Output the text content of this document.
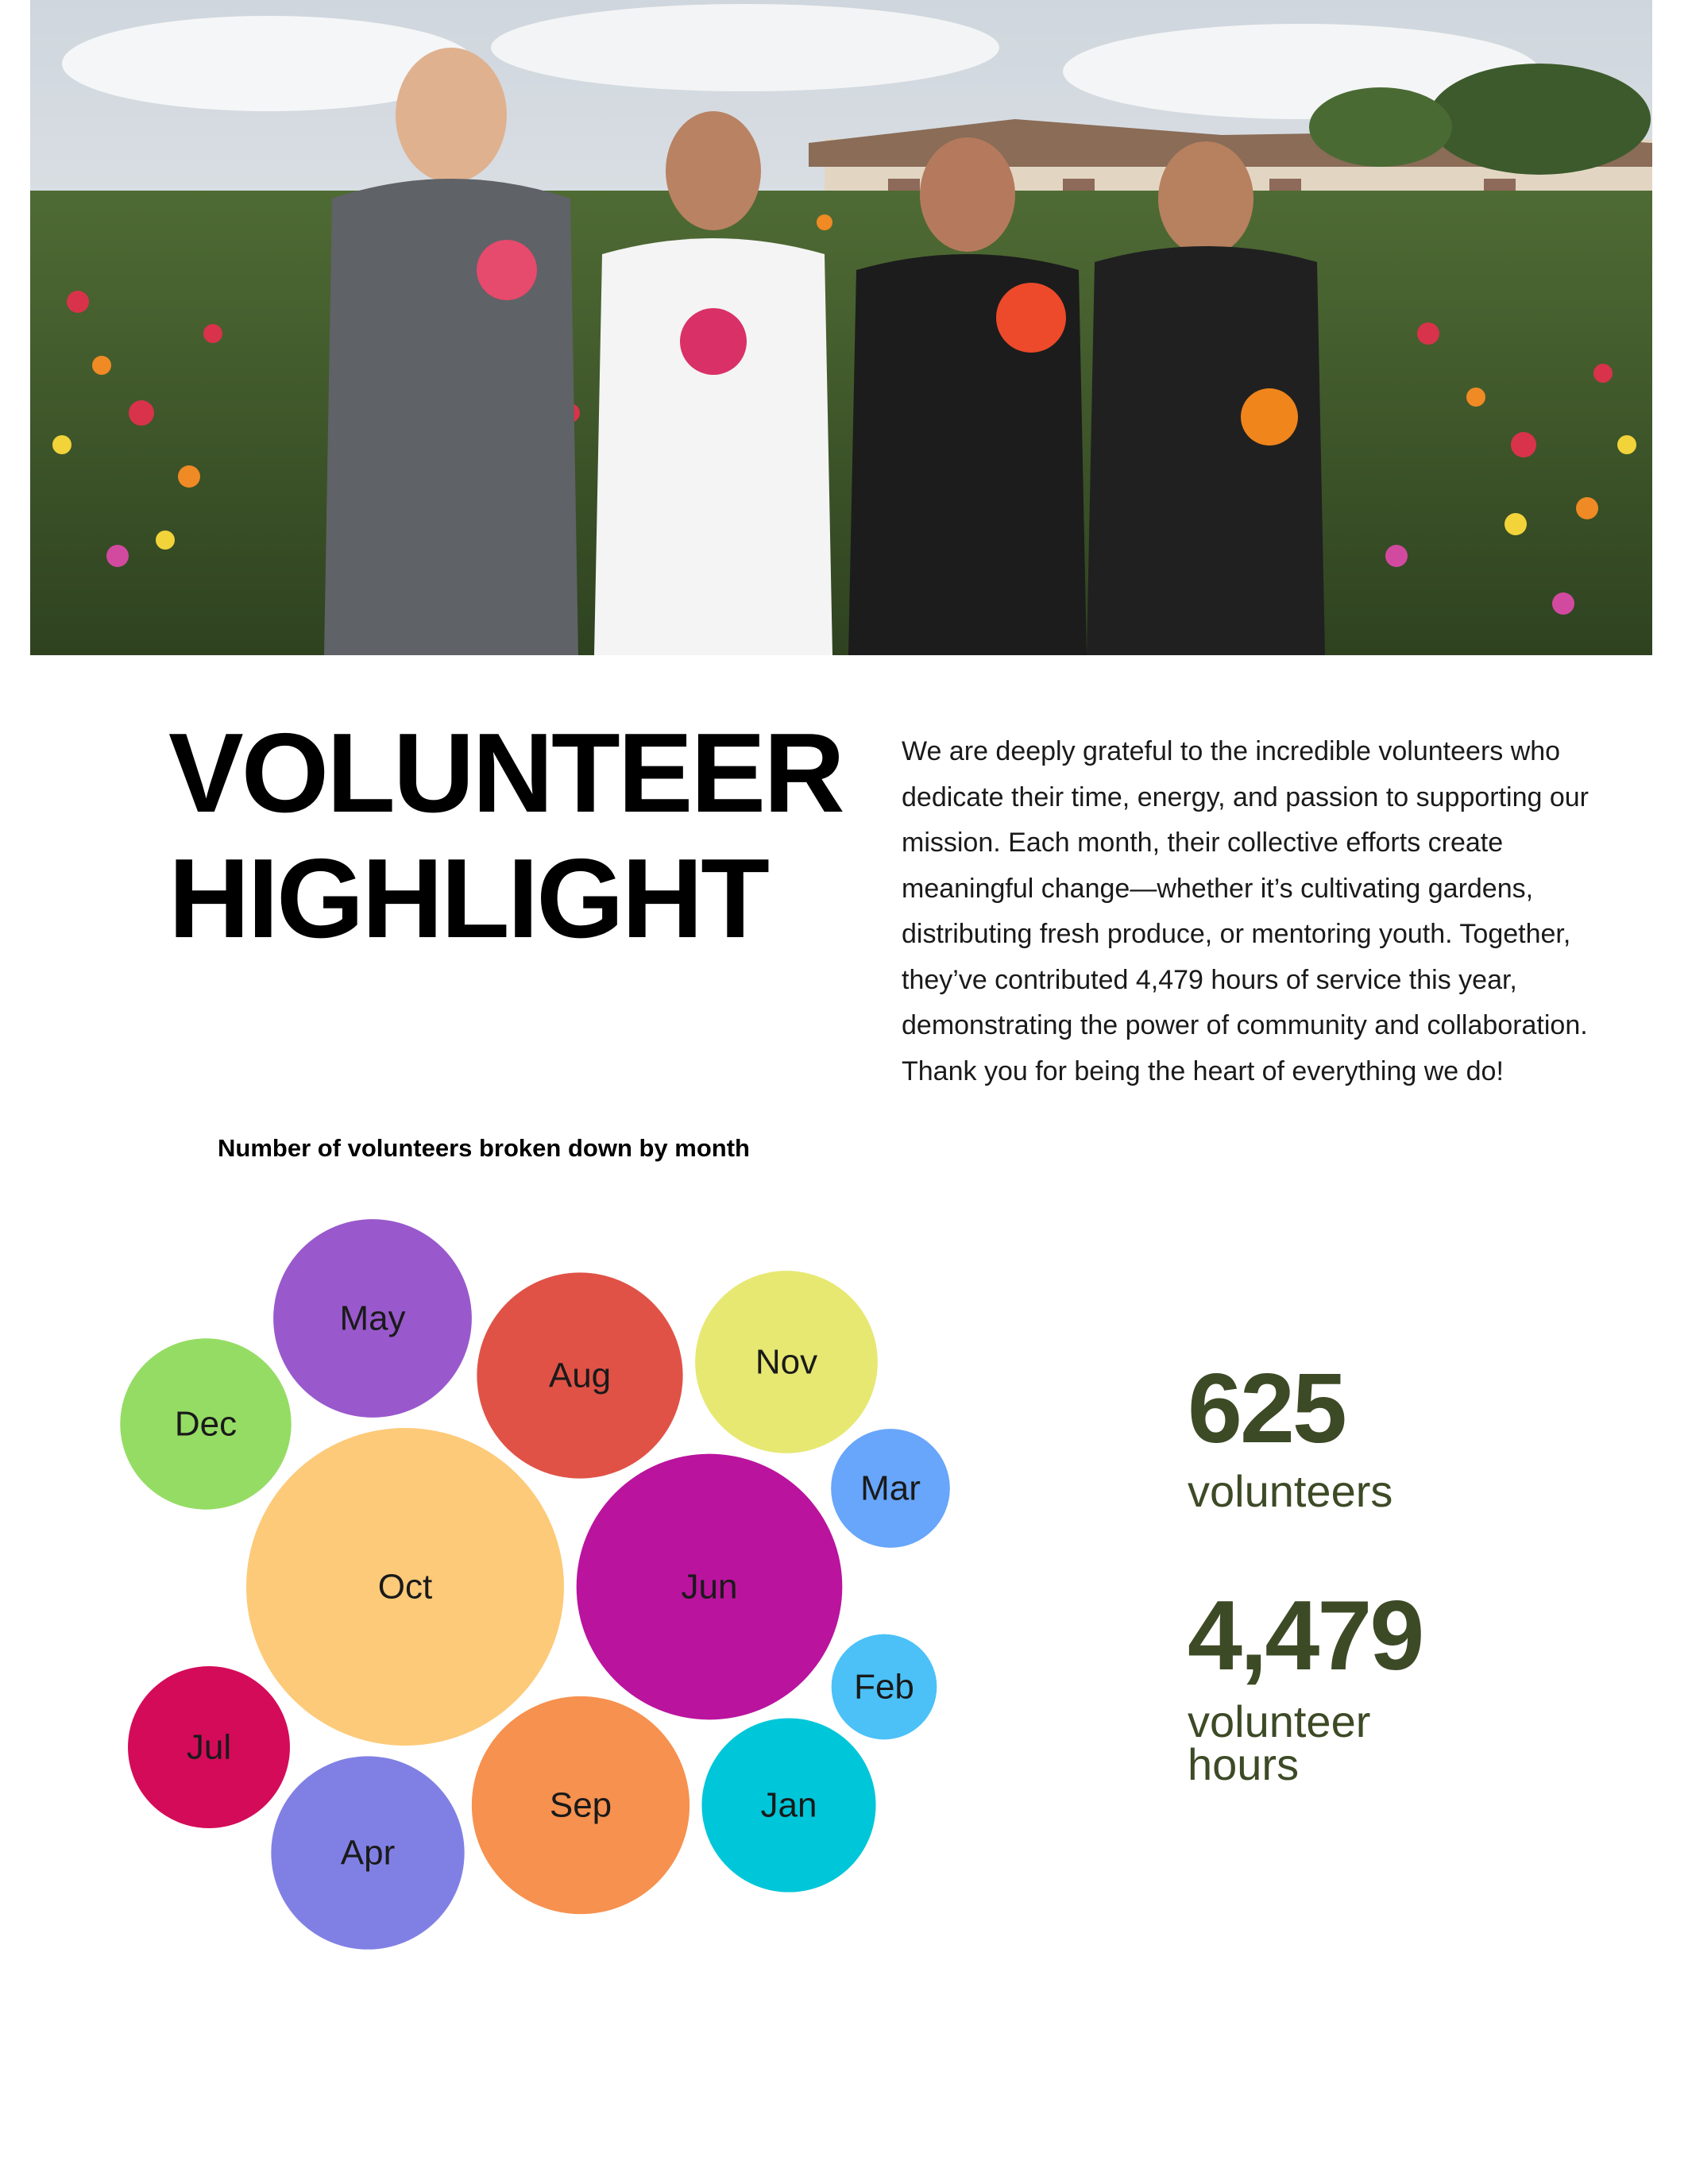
VOLUNTEER
HIGHLIGHT

We are deeply grateful to the incredible volunteers who dedicate their time, energy, and passion to supporting our mission. Each month, their collective efforts create meaningful change—whether it’s cultivating gardens, distributing fresh produce, or mentoring youth. Together, they’ve contributed 4,479 hours of service this year, demonstrating the power of community and collaboration. Thank you for being the heart of everything we do!

Number of volunteers broken down by month

Oct	Jun
May
Aug
Sep
Nov
Apr
Jan
Dec
Jul
Mar
Feb

625

volunteers

4,479

volunteer

hours
